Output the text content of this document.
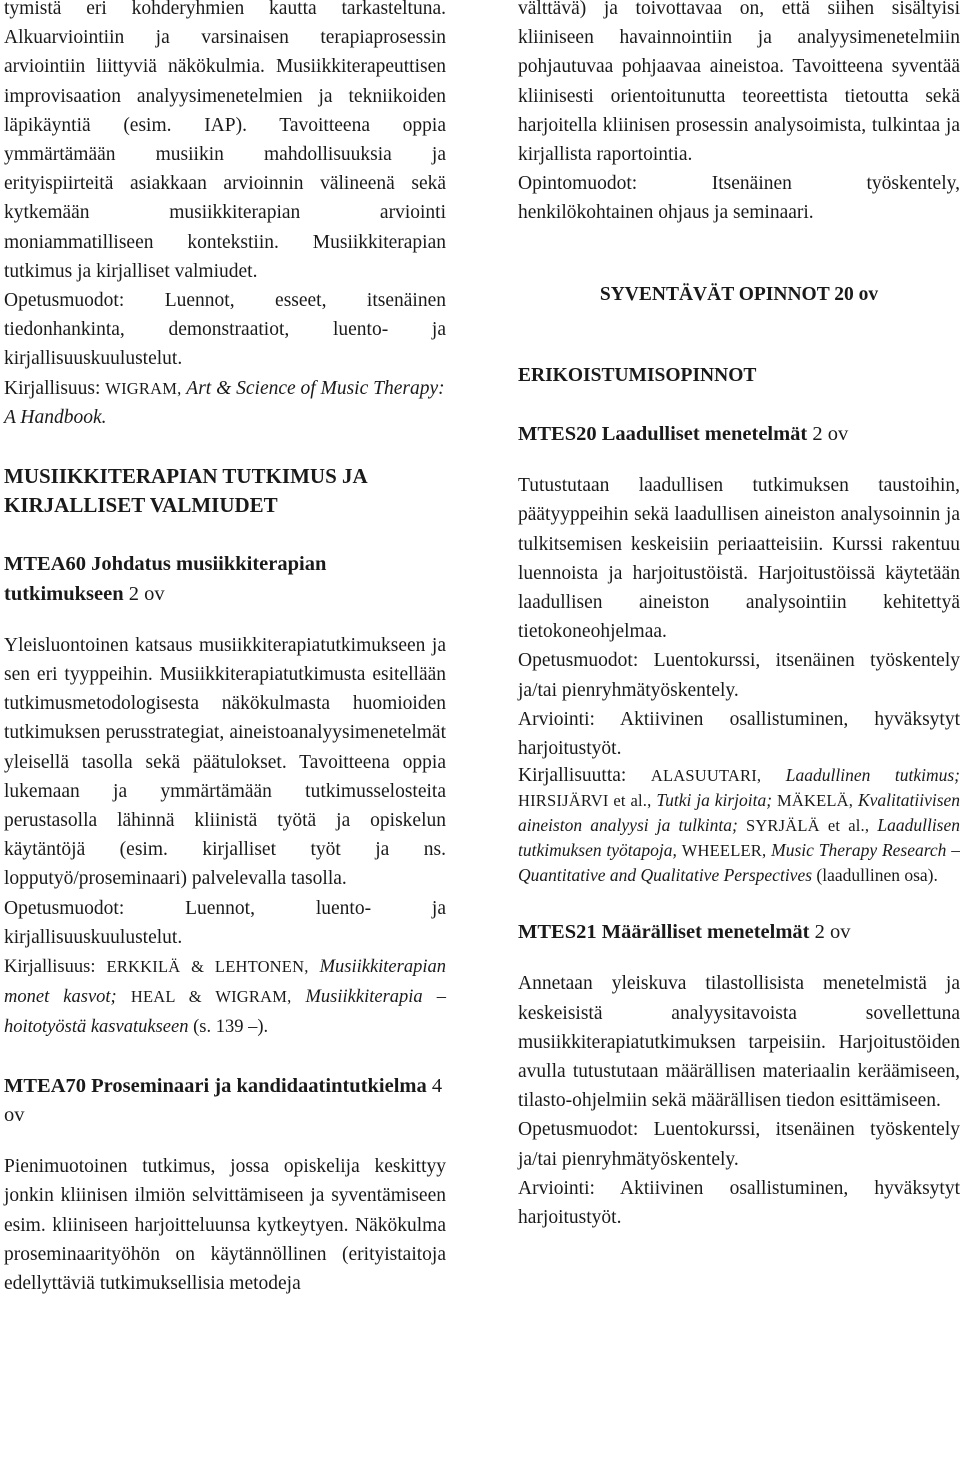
tymistä eri kohderyhmien kautta tarkasteltuna. Alkuarviointiin ja varsinaisen terapiaprosessin arviointiin liittyviä näkökulmia. Musiikkiterapeuttisen improvisaation analyysimenetelmien ja tekniikoiden läpikäyntiä (esim. IAP). Tavoitteena oppia ymmärtämään musiikin mahdollisuuksia ja erityispiirteitä asiakkaan arvioinnin välineenä sekä kytkemään musiikkiterapian arviointi moniammatilliseen kontekstiin. Musiikkiterapian tutkimus ja kirjalliset valmiudet.

Opetusmuodot: Luennot, esseet, itsenäinen tiedonhankinta, demonstraatiot, luento- ja kirjallisuuskuulustelut.

Kirjallisuus: WIGRAM, Art & Science of Music Therapy: A Handbook.

MUSIIKKITERAPIAN TUTKIMUS JA KIRJALLISET VALMIUDET

MTEA60 Johdatus musiikkiterapian tutkimukseen 2 ov

Yleisluontoinen katsaus musiikkiterapiatutkimukseen ja sen eri tyyppeihin. Musiikkiterapiatutkimusta esitellään tutkimusmetodologisesta näkökulmasta huomioiden tutkimuksen perusstrategiat, aineistoanalyysimenetelmät yleisellä tasolla sekä päätulokset. Tavoitteena oppia lukemaan ja ymmärtämään tutkimusselosteita perustasolla lähinnä kliinistä työtä ja opiskelun käytäntöjä (esim. kirjalliset työt ja ns. lopputyö/proseminaari) palvelevalla tasolla.

Opetusmuodot: Luennot, luento- ja kirjallisuuskuulustelut.

Kirjallisuus: ERKKILÄ & LEHTONEN, Musiikkiterapian monet kasvot; HEAL & WIGRAM, Musiikkiterapia – hoitotyöstä kasvatukseen (s. 139 –).

MTEA70 Proseminaari ja kandidaatintutkielma 4 ov

Pienimuotoinen tutkimus, jossa opiskelija keskittyy jonkin kliinisen ilmiön selvittämiseen ja syventämiseen esim. kliiniseen harjoitteluunsa kytkeytyen. Näkökulma proseminaarityöhön on käytännöllinen (erityistaitoja edellyttäviä tutkimuksellisia metodeja

välttävä) ja toivottavaa on, että siihen sisältyisi kliiniseen havainnointiin ja analyysimenetelmiin pohjautuvaa pohjaavaa aineistoa. Tavoitteena syventää kliinisesti orientoitunutta teoreettista tietoutta sekä harjoitella kliinisen prosessin analysoimista, tulkintaa ja kirjallista raportointia.

Opintomuodot: Itsenäinen työskentely, henkilökohtainen ohjaus ja seminaari.

SYVENTÄVÄT OPINNOT 20 ov

ERIKOISTUMISOPINNOT

MTES20 Laadulliset menetelmät 2 ov

Tutustutaan laadullisen tutkimuksen taustoihin, päätyyppeihin sekä laadullisen aineiston analysoinnin ja tulkitsemisen keskeisiin periaatteisiin. Kurssi rakentuu luennoista ja harjoitustöistä. Harjoitustöissä käytetään laadullisen aineiston analysointiin kehitettyä tietokoneohjelmaa.

Opetusmuodot: Luentokurssi, itsenäinen työskentely ja/tai pienryhmätyöskentely.

Arviointi: Aktiivinen osallistuminen, hyväksytyt harjoitustyöt.

Kirjallisuutta: ALASUUTARI, Laadullinen tutkimus; HIRSIJÄRVI et al., Tutki ja kirjoita; MÄKELÄ, Kvalitatiivisen aineiston analyysi ja tulkinta; SYRJÄLÄ et al., Laadullisen tutkimuksen työtapoja, WHEELER, Music Therapy Research – Quantitative and Qualitative Perspectives (laadullinen osa).

MTES21 Määrälliset menetelmät 2 ov

Annetaan yleiskuva tilastollisista menetelmistä ja keskeisistä analyysitavoista sovellettuna musiikkiterapiatutkimuksen tarpeisiin. Harjoitustöiden avulla tutustutaan määrällisen materiaalin keräämiseen, tilasto-ohjelmiin sekä määrällisen tiedon esittämiseen.

Opetusmuodot: Luentokurssi, itsenäinen työskentely ja/tai pienryhmätyöskentely.

Arviointi: Aktiivinen osallistuminen, hyväksytyt harjoitustyöt.
